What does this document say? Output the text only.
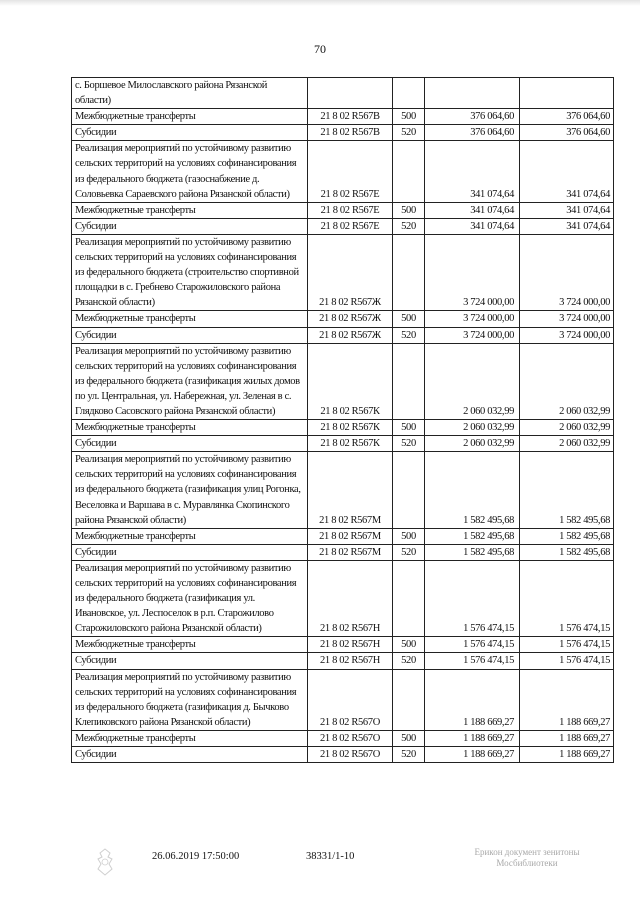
70
с. Боршевое Милославского района Рязанской области)				
Межбюджетные трансферты	21 8 02 R567B	500	376 064,60	376 064,60
Субсидии	21 8 02 R567B	520	376 064,60	376 064,60
Реализация мероприятий по устойчивому развитию сельских территорий на условиях софинансирования из федерального бюджета (газоснабжение д. Соловьевка Сараевского района Рязанской области)	21 8 02 R567E		341 074,64	341 074,64
Межбюджетные трансферты	21 8 02 R567E	500	341 074,64	341 074,64
Субсидии	21 8 02 R567E	520	341 074,64	341 074,64
Реализация мероприятий по устойчивому развитию сельских территорий на условиях софинансирования из федерального бюджета (строительство спортивной площадки в с. Гребнево Старожиловского района Рязанской области)	21 8 02 R567Ж		3 724 000,00	3 724 000,00
Межбюджетные трансферты	21 8 02 R567Ж	500	3 724 000,00	3 724 000,00
Субсидии	21 8 02 R567Ж	520	3 724 000,00	3 724 000,00
Реализация мероприятий по устойчивому развитию сельских территорий на условиях софинансирования из федерального бюджета (газификация жилых домов по ул. Центральная, ул. Набережная, ул. Зеленая в с. Глядково Сасовского района Рязанской области)	21 8 02 R567К		2 060 032,99	2 060 032,99
Межбюджетные трансферты	21 8 02 R567К	500	2 060 032,99	2 060 032,99
Субсидии	21 8 02 R567К	520	2 060 032,99	2 060 032,99
Реализация мероприятий по устойчивому развитию сельских территорий на условиях софинансирования из федерального бюджета (газификация улиц Рогонка, Веселовка и Варшава в с. Муравлянка Скопинского района Рязанской области)	21 8 02 R567М		1 582 495,68	1 582 495,68
Межбюджетные трансферты	21 8 02 R567М	500	1 582 495,68	1 582 495,68
Субсидии	21 8 02 R567М	520	1 582 495,68	1 582 495,68
Реализация мероприятий по устойчивому развитию сельских территорий на условиях софинансирования из федерального бюджета (газификация ул. Ивановское, ул. Леспоселок в р.п. Старожилово Старожиловского района Рязанской области)	21 8 02 R567Н		1 576 474,15	1 576 474,15
Межбюджетные трансферты	21 8 02 R567Н	500	1 576 474,15	1 576 474,15
Субсидии	21 8 02 R567Н	520	1 576 474,15	1 576 474,15
Реализация мероприятий по устойчивому развитию сельских территорий на условиях софинансирования из федерального бюджета (газификация д. Бычково Клепиковского района Рязанской области)	21 8 02 R567О		1 188 669,27	1 188 669,27
Межбюджетные трансферты	21 8 02 R567О	500	1 188 669,27	1 188 669,27
Субсидии	21 8 02 R567О	520	1 188 669,27	1 188 669,27
26.06.2019 17:50:00	38331/1-10	Ерикон документ зенитоны Мосбиблиотеки
